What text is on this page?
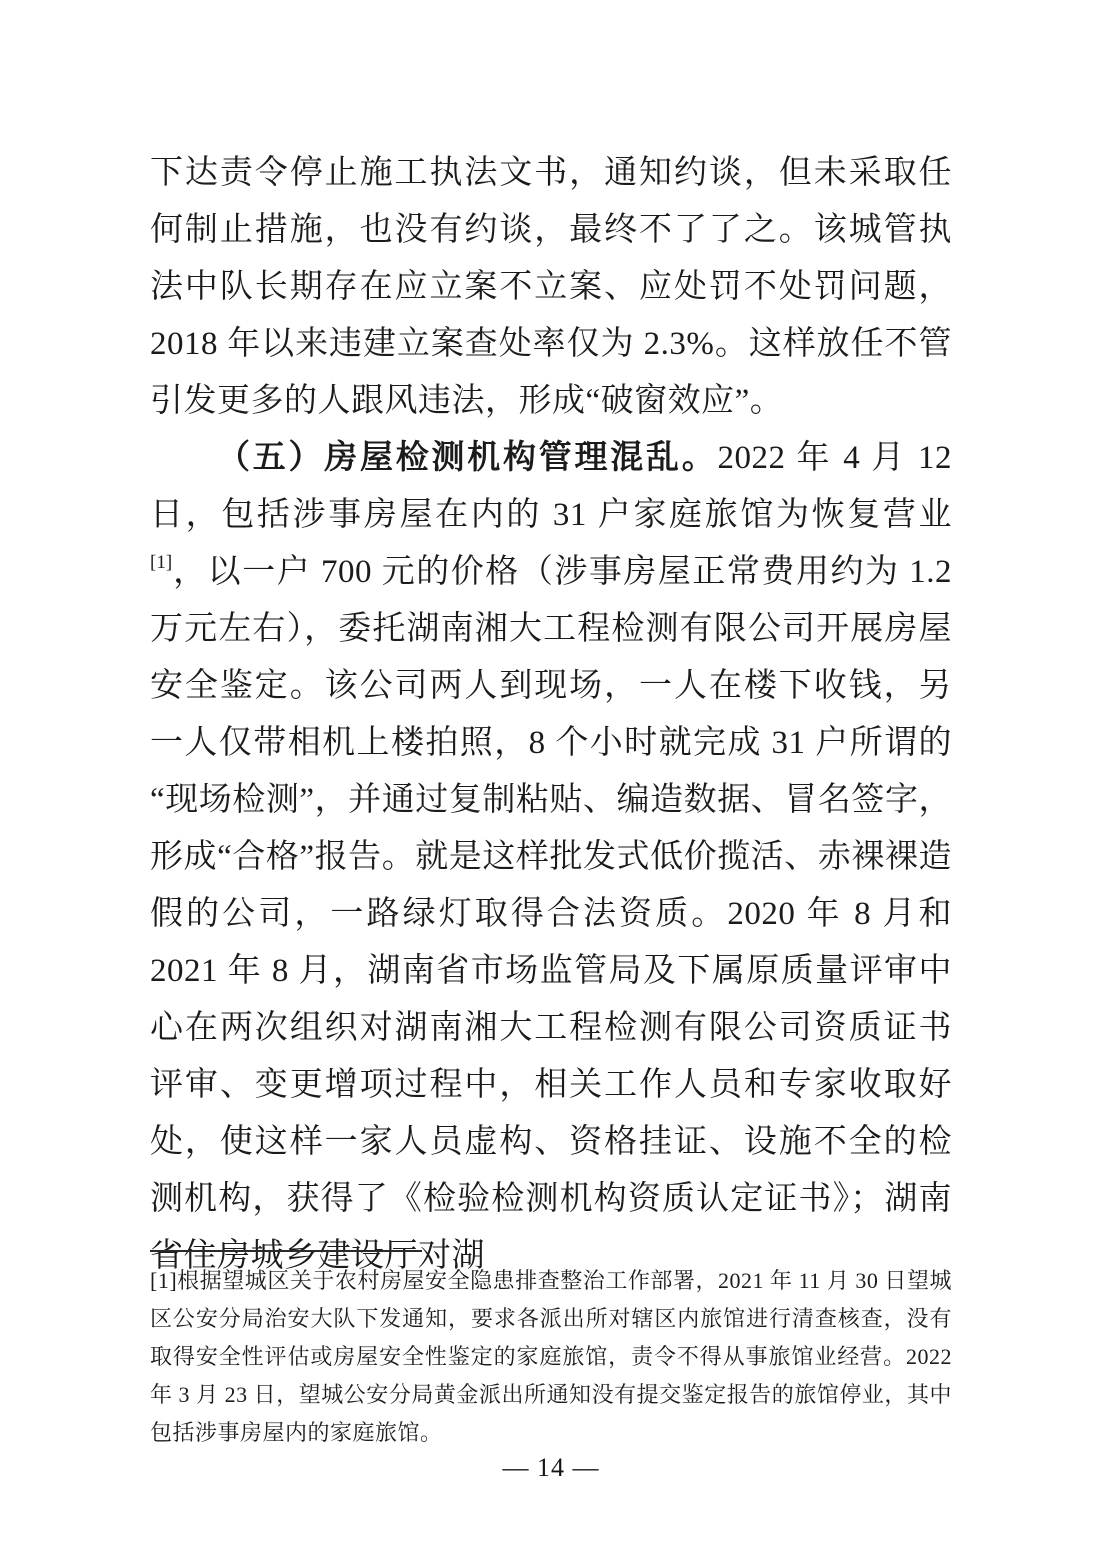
下达责令停止施工执法文书，通知约谈，但未采取任何制止措施，也没有约谈，最终不了了之。该城管执法中队长期存在应立案不立案、应处罚不处罚问题，2018 年以来违建立案查处率仅为 2.3%。这样放任不管引发更多的人跟风违法，形成“破窗效应”。

（五）房屋检测机构管理混乱。2022 年 4 月 12 日，包括涉事房屋在内的 31 户家庭旅馆为恢复营业[1]，以一户 700 元的价格（涉事房屋正常费用约为 1.2 万元左右），委托湖南湘大工程检测有限公司开展房屋安全鉴定。该公司两人到现场，一人在楼下收钱，另一人仅带相机上楼拍照，8 个小时就完成 31 户所谓的“现场检测”，并通过复制粘贴、编造数据、冒名签字，形成“合格”报告。就是这样批发式低价揽活、赤裸裸造假的公司，一路绿灯取得合法资质。2020 年 8 月和 2021 年 8 月，湖南省市场监管局及下属原质量评审中心在两次组织对湖南湘大工程检测有限公司资质证书评审、变更增项过程中，相关工作人员和专家收取好处，使这样一家人员虚构、资格挂证、设施不全的检测机构，获得了《检验检测机构资质认定证书》；湖南省住房城乡建设厅对湖

[1]根据望城区关于农村房屋安全隐患排查整治工作部署，2021 年 11 月 30 日望城区公安分局治安大队下发通知，要求各派出所对辖区内旅馆进行清查核查，没有取得安全性评估或房屋安全性鉴定的家庭旅馆，责令不得从事旅馆业经营。2022 年 3 月 23 日，望城公安分局黄金派出所通知没有提交鉴定报告的旅馆停业，其中包括涉事房屋内的家庭旅馆。

— 14 —
